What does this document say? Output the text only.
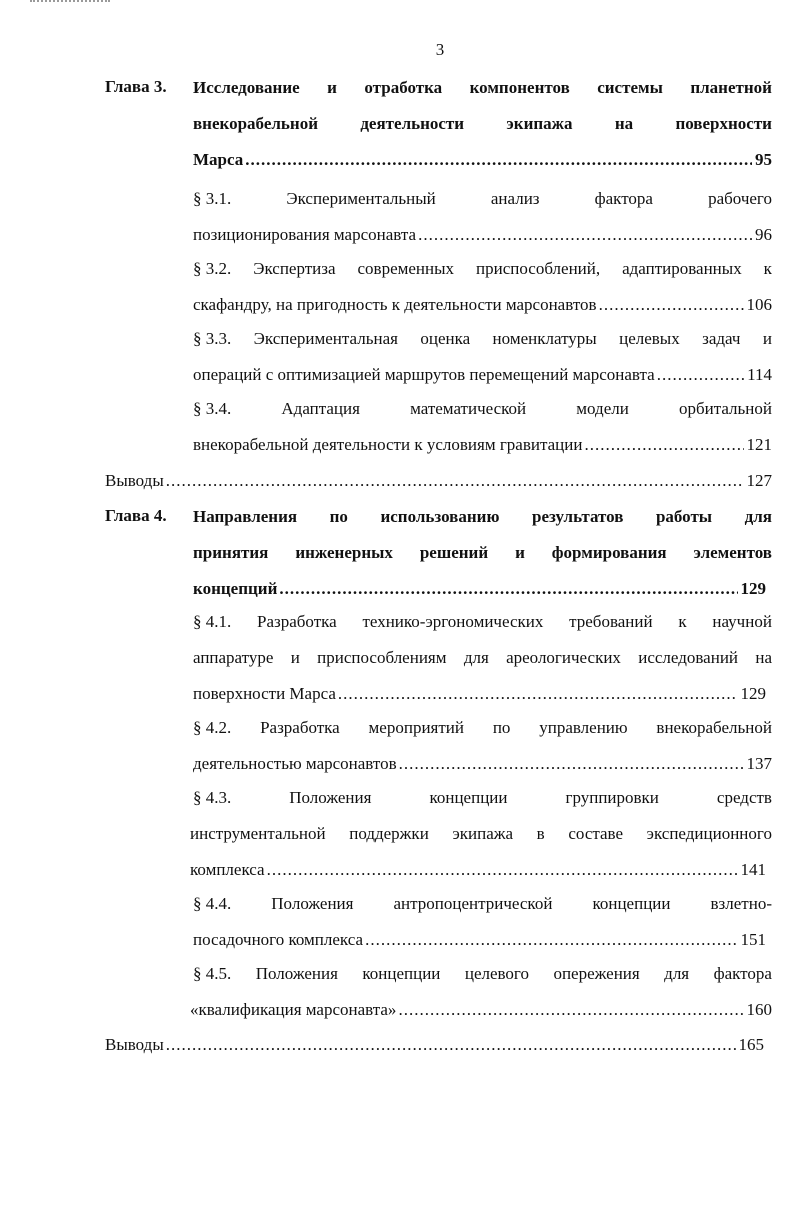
3
Глава 3.	Исследование и отработка компонентов системы планетной
внекорабельной деятельности экипажа на поверхности
Марса .....	95
§ 3.1.	Экспериментальный	анализ	фактора	рабочего
позиционирования марсонавта .....	96
§ 3.2. Экспертиза современных приспособлений, адаптированных к
скафандру, на пригодность к деятельности марсонавтов .....	106
§ 3.3. Экспериментальная оценка номенклатуры целевых задач и
операций с оптимизацией маршрутов перемещений марсонавта .....	114
§ 3.4.	Адаптация	математической	модели	орбитальной
внекорабельной деятельности к условиям гравитации .....	121
Выводы .....	127
Глава 4.	Направления по использованию результатов работы для
принятия инженерных решений и формирования элементов
концепций .....	129
§ 4.1. Разработка технико-эргономических требований к научной
аппаратуре и приспособлениям для ареологических исследований на
поверхности Марса .....	129
§ 4.2. Разработка мероприятий по управлению внекорабельной
деятельностью марсонавтов .....	137
§ 4.3.	Положения	концепции	группировки	средств
инструментальной поддержки экипажа в составе экспедиционного
комплекса .....	141
§ 4.4. Положения антропоцентрической концепции взлетно-
посадочного комплекса .....	151
§ 4.5. Положения концепции целевого опережения для фактора
«квалификация марсонавта» .....	160
Выводы .....	165
